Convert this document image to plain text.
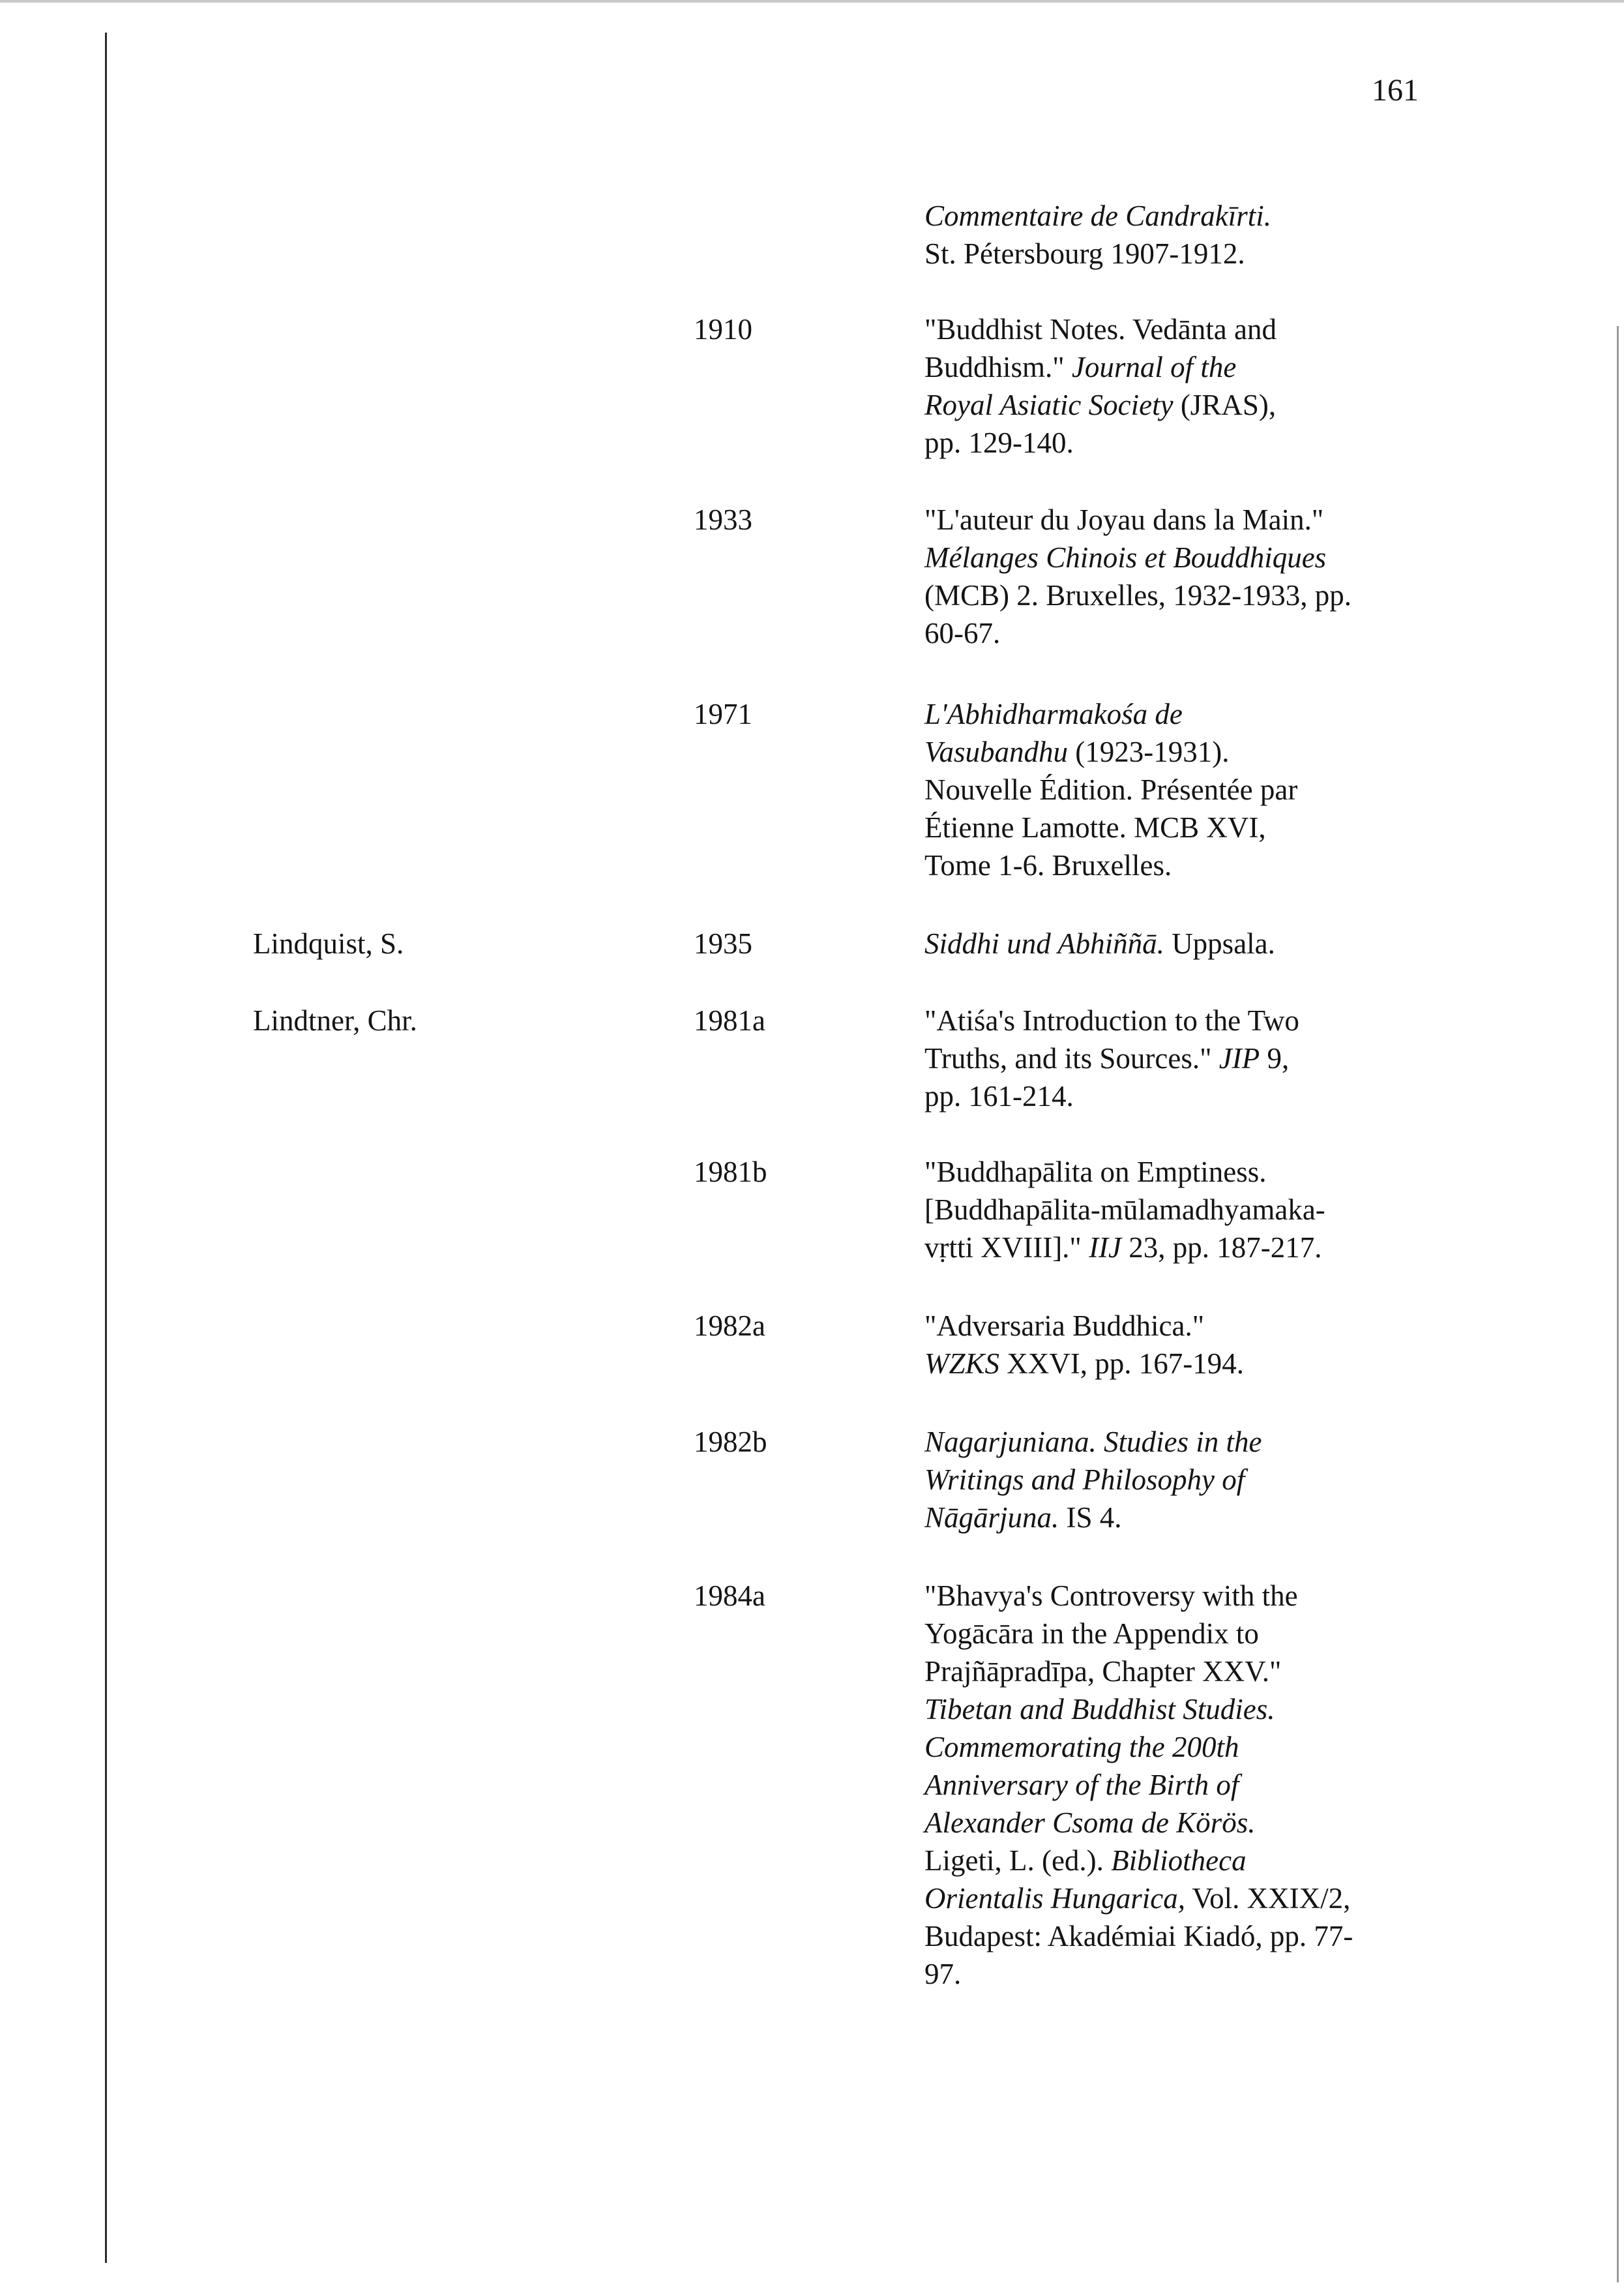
161
Commentaire de Candrakīrti.
St. Pétersbourg 1907-1912.
1910	"Buddhist Notes. Vedānta and
Buddhism." Journal of the
Royal Asiatic Society (JRAS),
pp. 129-140.
1933	"L'auteur du Joyau dans la Main."
Mélanges Chinois et Bouddhiques
(MCB) 2. Bruxelles, 1932-1933, pp.
60-67.
1971	L'Abhidharmakośa de
Vasubandhu (1923-1931).
Nouvelle Édition. Présentée par
Étienne Lamotte. MCB XVI,
Tome 1-6. Bruxelles.
Lindquist, S.	1935	Siddhi und Abhiññā. Uppsala.
Lindtner, Chr.	1981a	"Atiśa's Introduction to the Two
Truths, and its Sources." JIP 9,
pp. 161-214.
1981b	"Buddhapālita on Emptiness.
[Buddhapālita-mūlamadhyamaka-
vṛtti XVIII]." IIJ 23, pp. 187-217.
1982a	"Adversaria Buddhica."
WZKS XXVI, pp. 167-194.
1982b	Nagarjuniana. Studies in the
Writings and Philosophy of
Nāgārjuna. IS 4.
1984a	"Bhavya's Controversy with the
Yogācāra in the Appendix to
Prajñāpradīpa, Chapter XXV."
Tibetan and Buddhist Studies.
Commemorating the 200th
Anniversary of the Birth of
Alexander Csoma de Körös.
Ligeti, L. (ed.). Bibliotheca
Orientalis Hungarica, Vol. XXIX/2,
Budapest: Akadémiai Kiadó, pp. 77-
97.
